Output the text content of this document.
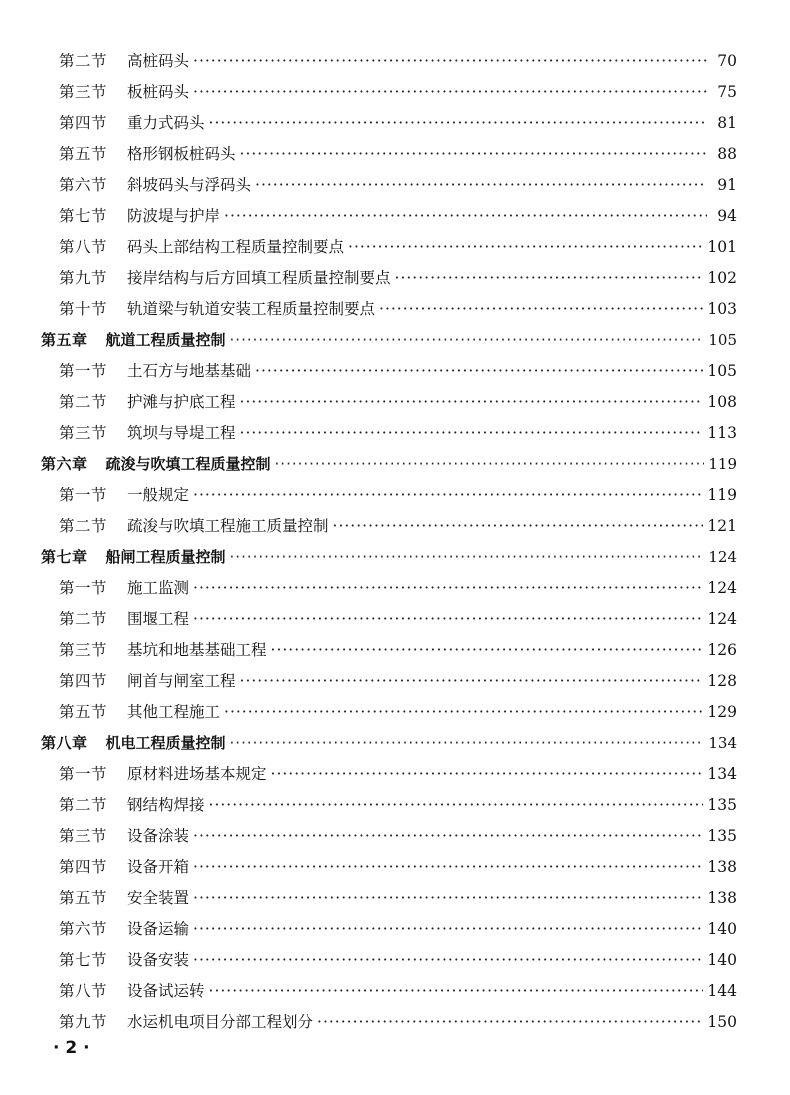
第二节 高桩码头 ·····	70
第三节 板桩码头 ·····	75
第四节 重力式码头 ·····	81
第五节 格形钢板桩码头 ·····	88
第六节 斜坡码头与浮码头 ·····	91
第七节 防波堤与护岸 ·····	94
第八节 码头上部结构工程质量控制要点 ·····	101
第九节 接岸结构与后方回填工程质量控制要点 ·····	102
第十节 轨道梁与轨道安装工程质量控制要点 ·····	103
第五章 航道工程质量控制 ·····	105
第一节 土石方与地基基础 ·····	105
第二节 护滩与护底工程 ·····	108
第三节 筑坝与导堤工程 ·····	113
第六章 疏浚与吹填工程质量控制 ·····	119
第一节 一般规定 ·····	119
第二节 疏浚与吹填工程施工质量控制 ·····	121
第七章 船闸工程质量控制 ·····	124
第一节 施工监测 ·····	124
第二节 围堰工程 ·····	124
第三节 基坑和地基基础工程 ·····	126
第四节 闸首与闸室工程 ·····	128
第五节 其他工程施工 ·····	129
第八章 机电工程质量控制 ·····	134
第一节 原材料进场基本规定 ·····	134
第二节 钢结构焊接 ·····	135
第三节 设备涂装 ·····	135
第四节 设备开箱 ·····	138
第五节 安全装置 ·····	138
第六节 设备运输 ·····	140
第七节 设备安装 ·····	140
第八节 设备试运转 ·····	144
第九节 水运机电项目分部工程划分 ·····	150
· 2 ·
